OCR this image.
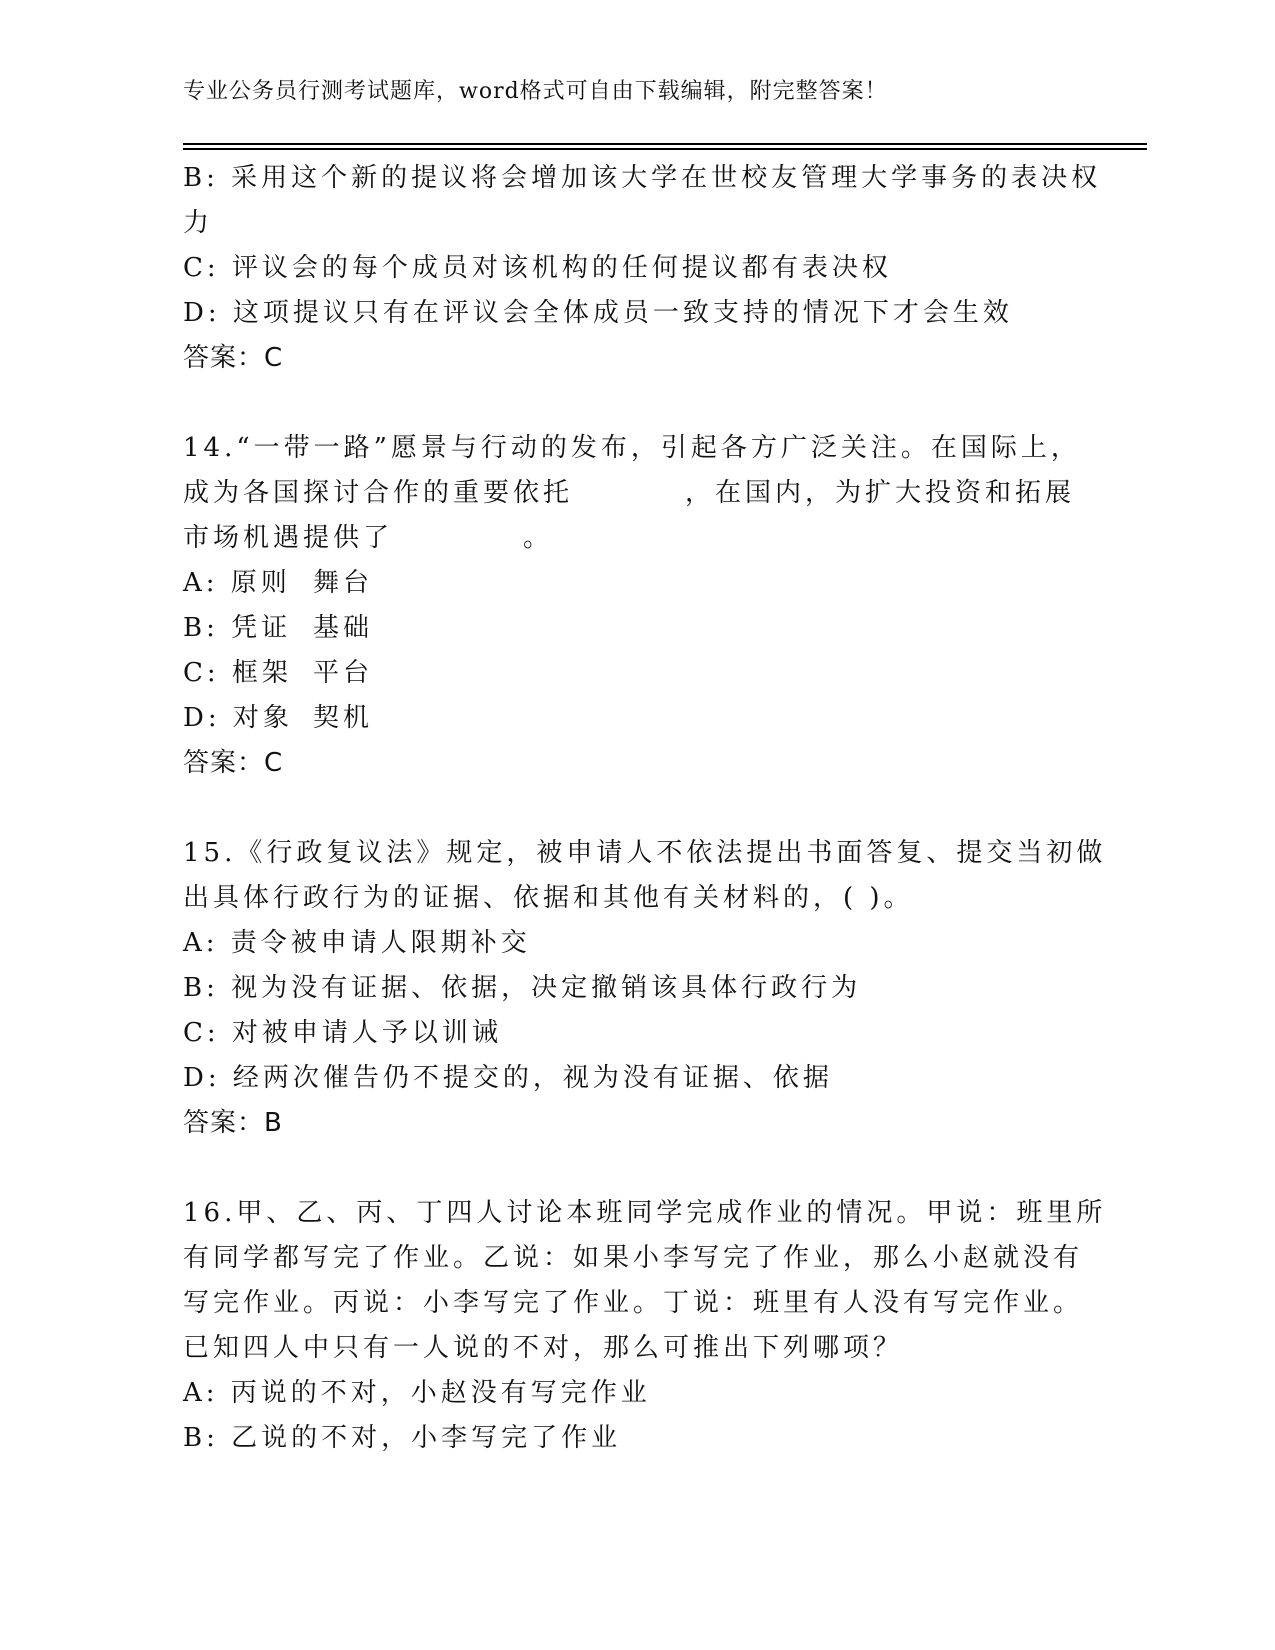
专业公务员行测考试题库，word格式可自由下载编辑，附完整答案！
B: 采用这个新的提议将会增加该大学在世校友管理大学事务的表决权
力
C: 评议会的每个成员对该机构的任何提议都有表决权
D: 这项提议只有在评议会全体成员一致支持的情况下才会生效
答案：C
14.“一带一路”愿景与行动的发布，引起各方广泛关注。在国际上，
成为各国探讨合作的重要依托	，在国内，为扩大投资和拓展
市场机遇提供了	。
A: 原则 舞台
B: 凭证 基础
C: 框架 平台
D: 对象 契机
答案：C
15.《行政复议法》规定，被申请人不依法提出书面答复、提交当初做
出具体行政行为的证据、依据和其他有关材料的，( )。
A: 责令被申请人限期补交
B: 视为没有证据、依据，决定撤销该具体行政行为
C: 对被申请人予以训诫
D: 经两次催告仍不提交的，视为没有证据、依据
答案：B
16.甲、乙、丙、丁四人讨论本班同学完成作业的情况。甲说：班里所
有同学都写完了作业。乙说：如果小李写完了作业，那么小赵就没有
写完作业。丙说：小李写完了作业。丁说：班里有人没有写完作业。
已知四人中只有一人说的不对，那么可推出下列哪项？
A: 丙说的不对，小赵没有写完作业
B: 乙说的不对，小李写完了作业
